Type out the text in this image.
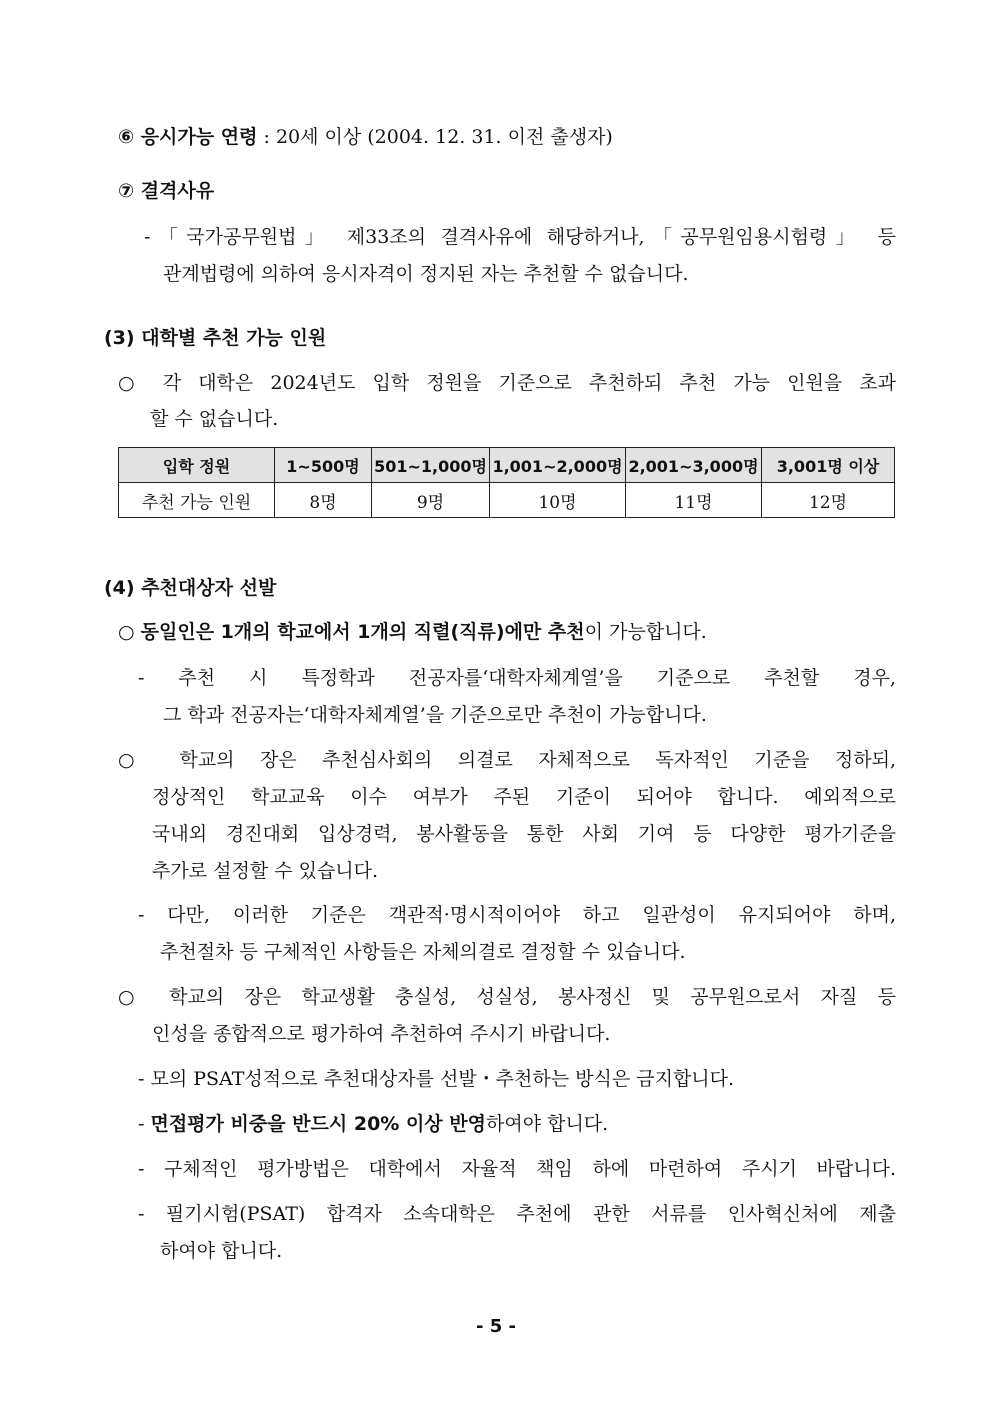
⑥ 응시가능 연령 : 20세 이상 (2004. 12. 31. 이전 출생자)
⑦ 결격사유
-「국가공무원법」 제33조의 결격사유에 해당하거나,「공무원임용시험령」 등
관계법령에 의하여 응시자격이 정지된 자는 추천할 수 없습니다.
(3) 대학별 추천 가능 인원
○ 각 대학은 2024년도 입학 정원을 기준으로 추천하되 추천 가능 인원을 초과
할 수 없습니다.
입학 정원	1~500명	501~1,000명	1,001~2,000명	2,001~3,000명	3,001명 이상
추천 가능 인원	8명	9명	10명	11명	12명
(4) 추천대상자 선발
○ 동일인은 1개의 학교에서 1개의 직렬(직류)에만 추천이 가능합니다.
- 추천 시 특정학과 전공자를‘대학자체계열’을 기준으로 추천할 경우,
그 학과 전공자는‘대학자체계열’을 기준으로만 추천이 가능합니다.
○ 학교의 장은 추천심사회의 의결로 자체적으로 독자적인 기준을 정하되,
정상적인 학교교육 이수 여부가 주된 기준이 되어야 합니다. 예외적으로
국내외 경진대회 입상경력, 봉사활동을 통한 사회 기여 등 다양한 평가기준을
추가로 설정할 수 있습니다.
- 다만, 이러한 기준은 객관적·명시적이어야 하고 일관성이 유지되어야 하며,
추천절차 등 구체적인 사항들은 자체의결로 결정할 수 있습니다.
○ 학교의 장은 학교생활 충실성, 성실성, 봉사정신 및 공무원으로서 자질 등
인성을 종합적으로 평가하여 추천하여 주시기 바랍니다.
- 모의 PSAT성적으로 추천대상자를 선발・추천하는 방식은 금지합니다.
- 면접평가 비중을 반드시 20% 이상 반영하여야 합니다.
- 구체적인 평가방법은 대학에서 자율적 책임 하에 마련하여 주시기 바랍니다.
- 필기시험(PSAT) 합격자 소속대학은 추천에 관한 서류를 인사혁신처에 제출
하여야 합니다.
- 5 -
